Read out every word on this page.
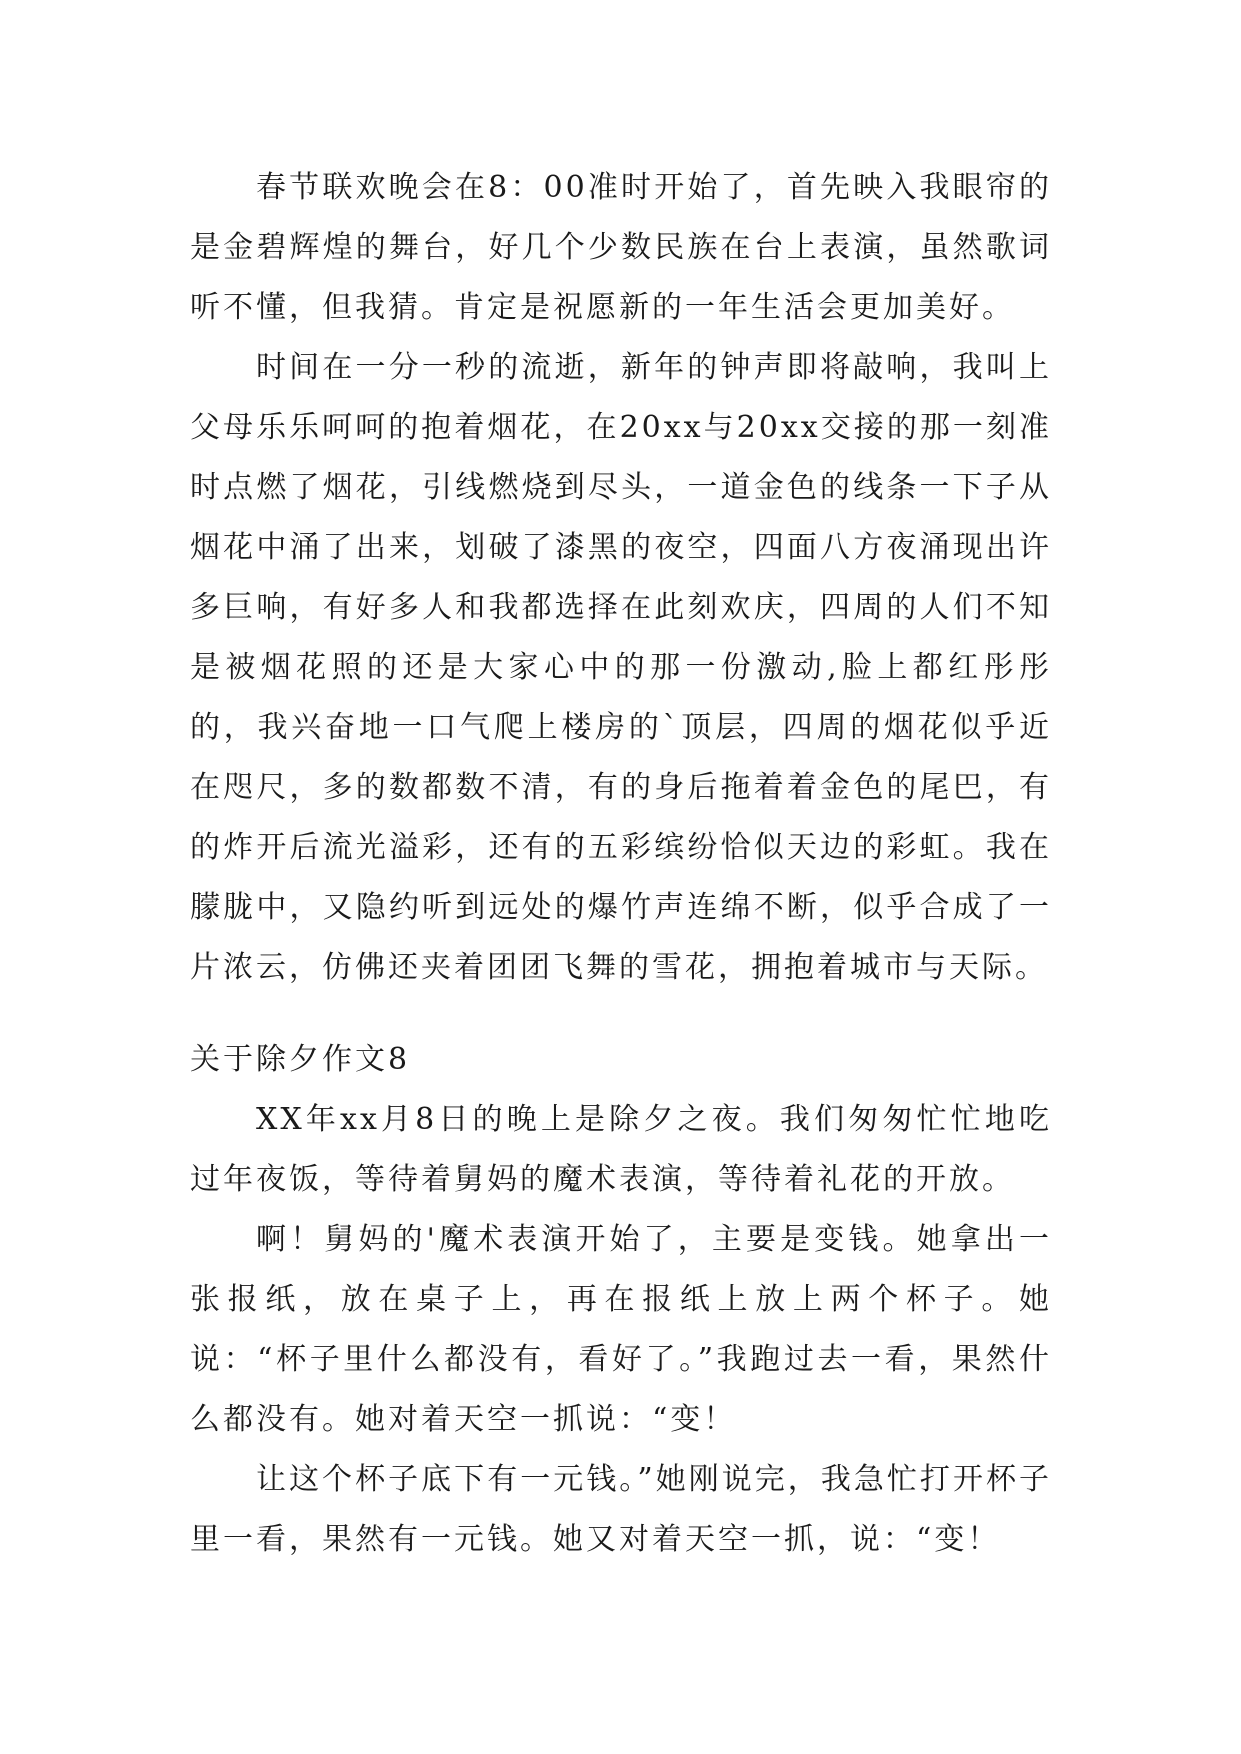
春节联欢晚会在8：00准时开始了，首先映入我眼帘的是金碧辉煌的舞台，好几个少数民族在台上表演，虽然歌词听不懂，但我猜。肯定是祝愿新的一年生活会更加美好。

时间在一分一秒的流逝，新年的钟声即将敲响，我叫上父母乐乐呵呵的抱着烟花，在20xx与20xx交接的那一刻准时点燃了烟花，引线燃烧到尽头，一道金色的线条一下子从烟花中涌了出来，划破了漆黑的夜空，四面八方夜涌现出许多巨响，有好多人和我都选择在此刻欢庆，四周的人们不知是被烟花照的还是大家心中的那一份激动,脸上都红彤彤的，我兴奋地一口气爬上楼房的`顶层，四周的烟花似乎近在咫尺，多的数都数不清，有的身后拖着着金色的尾巴，有的炸开后流光溢彩，还有的五彩缤纷恰似天边的彩虹。我在朦胧中，又隐约听到远处的爆竹声连绵不断，似乎合成了一片浓云，仿佛还夹着团团飞舞的雪花，拥抱着城市与天际。

关于除夕作文8

XX年xx月8日的晚上是除夕之夜。我们匆匆忙忙地吃过年夜饭，等待着舅妈的魔术表演，等待着礼花的开放。

啊！舅妈的'魔术表演开始了，主要是变钱。她拿出一张报纸，放在桌子上，再在报纸上放上两个杯子。她说：“杯子里什么都没有，看好了。”我跑过去一看，果然什么都没有。她对着天空一抓说：“变！

让这个杯子底下有一元钱。”她刚说完，我急忙打开杯子里一看，果然有一元钱。她又对着天空一抓，说：“变！
